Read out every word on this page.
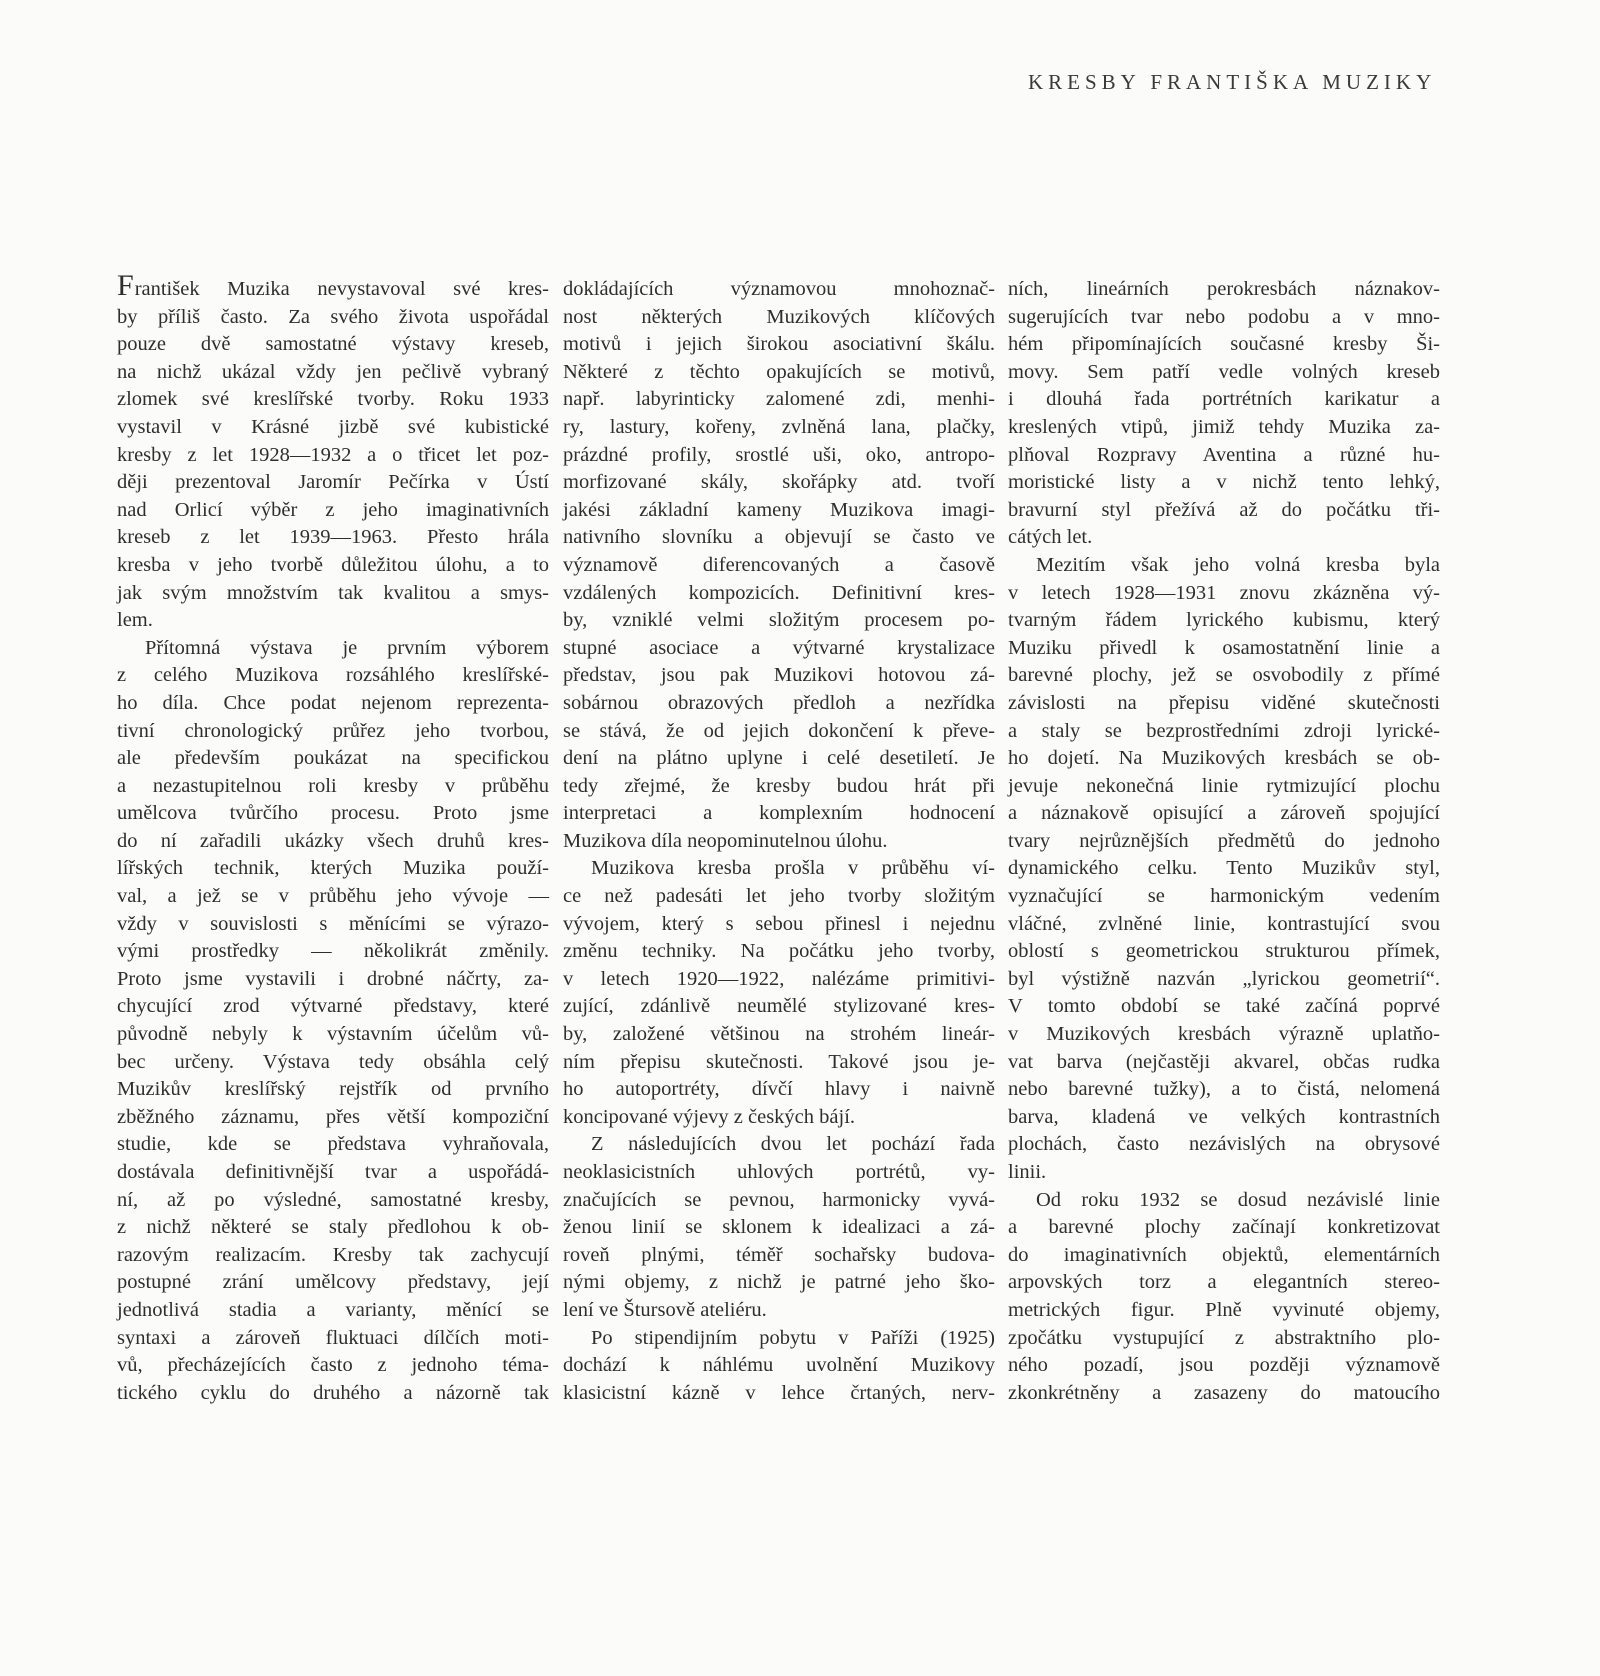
KRESBY FRANTIŠKA MUZIKY
František Muzika nevystavoval své kres-
by příliš často. Za svého života uspořádal
pouze dvě samostatné výstavy kreseb,
na nichž ukázal vždy jen pečlivě vybraný
zlomek své kreslířské tvorby. Roku 1933
vystavil v Krásné jizbě své kubistické
kresby z let 1928—1932 a o třicet let poz-
ději prezentoval Jaromír Pečírka v Ústí
nad Orlicí výběr z jeho imaginativních
kreseb z let 1939—1963. Přesto hrála
kresba v jeho tvorbě důležitou úlohu, a to
jak svým množstvím tak kvalitou a smys-
lem.
Přítomná výstava je prvním výborem
z celého Muzikova rozsáhlého kreslířské-
ho díla. Chce podat nejenom reprezenta-
tivní chronologický průřez jeho tvorbou,
ale především poukázat na specifickou
a nezastupitelnou roli kresby v průběhu
umělcova tvůrčího procesu. Proto jsme
do ní zařadili ukázky všech druhů kres-
lířských technik, kterých Muzika použí-
val, a jež se v průběhu jeho vývoje —
vždy v souvislosti s měnícími se výrazo-
vými prostředky — několikrát změnily.
Proto jsme vystavili i drobné náčrty, za-
chycující zrod výtvarné představy, které
původně nebyly k výstavním účelům vů-
bec určeny. Výstava tedy obsáhla celý
Muzikův kreslířský rejstřík od prvního
zběžného záznamu, přes větší kompoziční
studie, kde se představa vyhraňovala,
dostávala definitivnější tvar a uspořádá-
ní, až po výsledné, samostatné kresby,
z nichž některé se staly předlohou k ob-
razovým realizacím. Kresby tak zachycují
postupné zrání umělcovy představy, její
jednotlivá stadia a varianty, měnící se
syntaxi a zároveň fluktuaci dílčích moti-
vů, přecházejících často z jednoho téma-
tického cyklu do druhého a názorně tak
dokládajících významovou mnohoznač-
nost některých Muzikových klíčových
motivů i jejich širokou asociativní škálu.
Některé z těchto opakujících se motivů,
např. labyrinticky zalomené zdi, menhi-
ry, lastury, kořeny, zvlněná lana, plačky,
prázdné profily, srostlé uši, oko, antropo-
morfizované skály, skořápky atd. tvoří
jakési základní kameny Muzikova imagi-
nativního slovníku a objevují se často ve
významově diferencovaných a časově
vzdálených kompozicích. Definitivní kres-
by, vzniklé velmi složitým procesem po-
stupné asociace a výtvarné krystalizace
představ, jsou pak Muzikovi hotovou zá-
sobárnou obrazových předloh a nezřídka
se stává, že od jejich dokončení k převe-
dení na plátno uplyne i celé desetiletí. Je
tedy zřejmé, že kresby budou hrát při
interpretaci a komplexním hodnocení
Muzikova díla neopominutelnou úlohu.
Muzikova kresba prošla v průběhu ví-
ce než padesáti let jeho tvorby složitým
vývojem, který s sebou přinesl i nejednu
změnu techniky. Na počátku jeho tvorby,
v letech 1920—1922, nalézáme primitivi-
zující, zdánlivě neumělé stylizované kres-
by, založené většinou na strohém lineár-
ním přepisu skutečnosti. Takové jsou je-
ho autoportréty, dívčí hlavy i naivně
koncipované výjevy z českých bájí.
Z následujících dvou let pochází řada
neoklasicistních uhlových portrétů, vy-
značujících se pevnou, harmonicky vyvá-
ženou linií se sklonem k idealizaci a zá-
roveň plnými, téměř sochařsky budova-
nými objemy, z nichž je patrné jeho ško-
lení ve Štursově ateliéru.
Po stipendijním pobytu v Paříži (1925)
dochází k náhlému uvolnění Muzikovy
klasicistní kázně v lehce črtaných, nerv-
ních, lineárních perokresbách náznakov-
sugerujících tvar nebo podobu a v mno-
hém připomínajících současné kresby Ši-
movy. Sem patří vedle volných kreseb
i dlouhá řada portrétních karikatur a
kreslených vtipů, jimiž tehdy Muzika za-
plňoval Rozpravy Aventina a různé hu-
moristické listy a v nichž tento lehký,
bravurní styl přežívá až do počátku tři-
cátých let.
Mezitím však jeho volná kresba byla
v letech 1928—1931 znovu zkázněna vý-
tvarným řádem lyrického kubismu, který
Muziku přivedl k osamostatnění linie a
barevné plochy, jež se osvobodily z přímé
závislosti na přepisu viděné skutečnosti
a staly se bezprostředními zdroji lyrické-
ho dojetí. Na Muzikových kresbách se ob-
jevuje nekonečná linie rytmizující plochu
a náznakově opisující a zároveň spojující
tvary nejrůznějších předmětů do jednoho
dynamického celku. Tento Muzikův styl,
vyznačující se harmonickým vedením
vláčné, zvlněné linie, kontrastující svou
oblostí s geometrickou strukturou přímek,
byl výstižně nazván „lyrickou geometrií“.
V tomto období se také začíná poprvé
v Muzikových kresbách výrazně uplatňo-
vat barva (nejčastěji akvarel, občas rudka
nebo barevné tužky), a to čistá, nelomená
barva, kladená ve velkých kontrastních
plochách, často nezávislých na obrysové
linii.
Od roku 1932 se dosud nezávislé linie
a barevné plochy začínají konkretizovat
do imaginativních objektů, elementárních
arpovských torz a elegantních stereo-
metrických figur. Plně vyvinuté objemy,
zpočátku vystupující z abstraktního plo-
ného pozadí, jsou později významově
zkonkrétněny a zasazeny do matoucího
